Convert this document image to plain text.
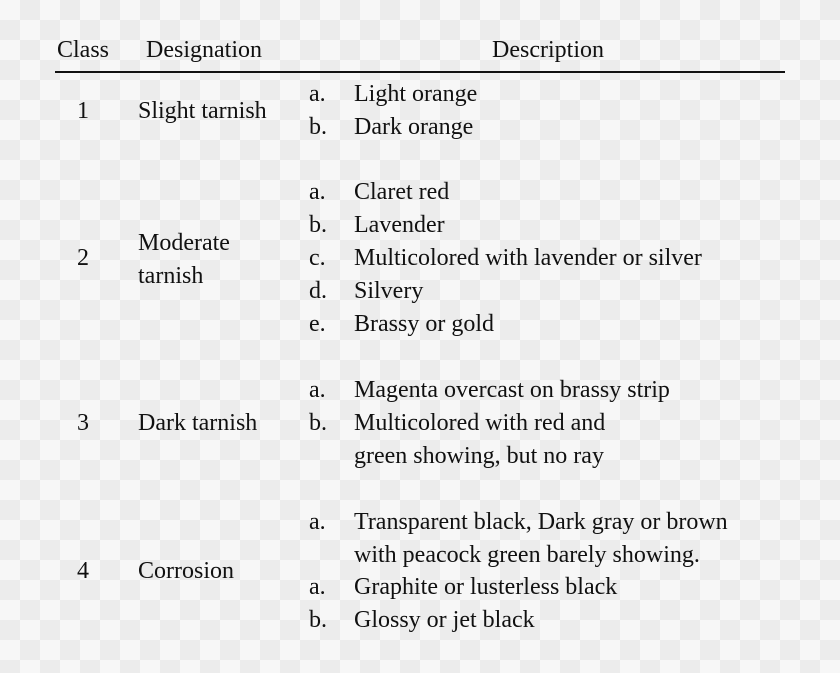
Class Designation	Description
1 Slight tarnish
a. Light orange
b. Dark orange
2
Moderate
tarnish
a. Claret red
b. Lavender
c. Multicolored with lavender or silver
d. Silvery
e. Brassy or gold
3 Dark tarnish
a. Magenta overcast on brassy strip
b. Multicolored with red and
green showing, but no ray
4 Corrosion
a. Transparent black, Dark gray or brown
with peacock green barely showing.
a. Graphite or lusterless black
b. Glossy or jet black
